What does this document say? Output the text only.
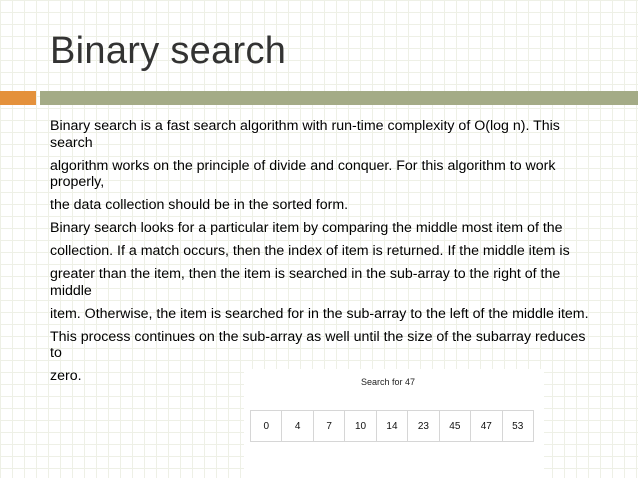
Binary search

Binary search is a fast search algorithm with run-time complexity of O(log n). This search

algorithm works on the principle of divide and conquer. For this algorithm to work properly,

the data collection should be in the sorted form.

Binary search looks for a particular item by comparing the middle most item of the

collection. If a match occurs, then the index of item is returned. If the middle item is

greater than the item, then the item is searched in the sub-array to the right of the middle

item. Otherwise, the item is searched for in the sub-array to the left of the middle item.

This process continues on the sub-array as well until the size of the subarray reduces to

zero.	Search for 47
0	4	7	10	14	23	45	47	53
